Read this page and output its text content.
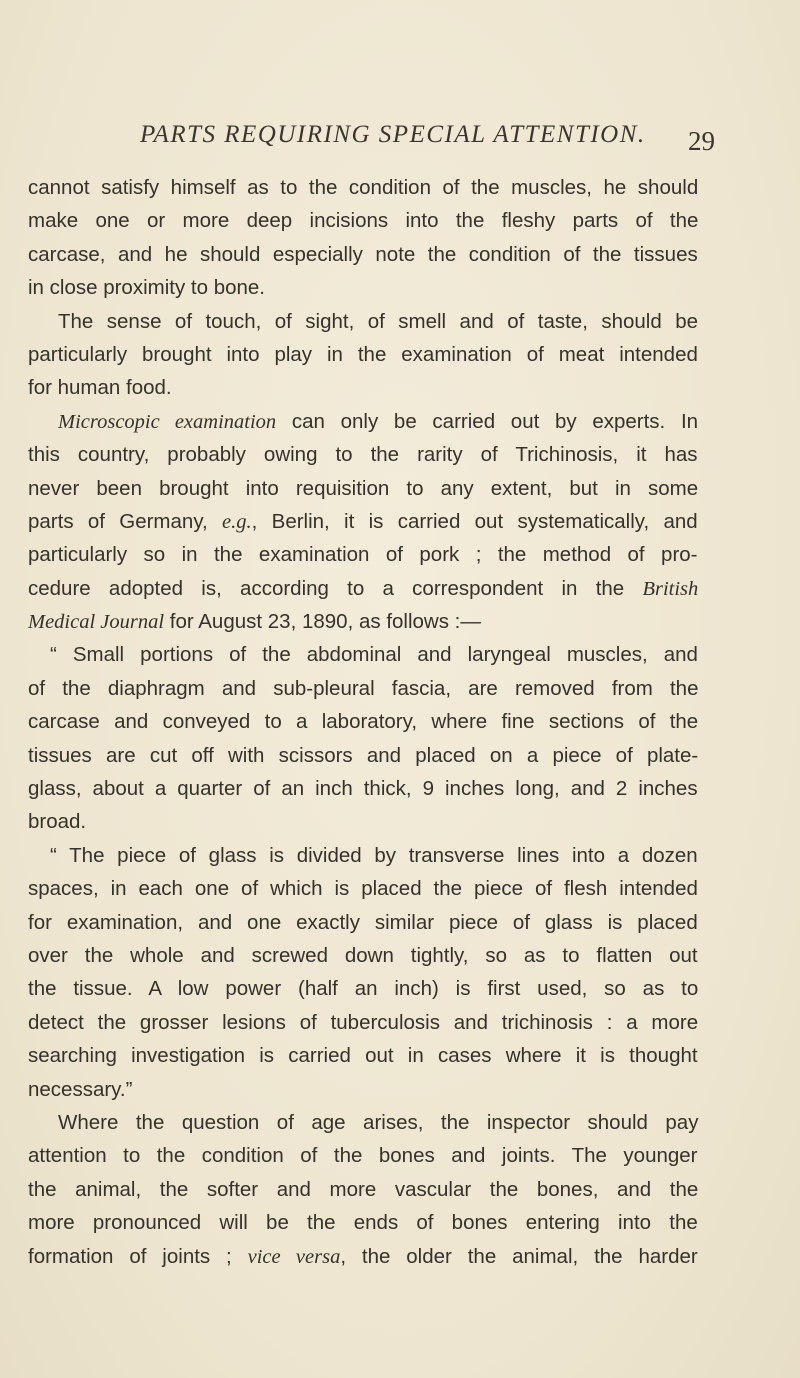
PARTS REQUIRING SPECIAL ATTENTION.	29
cannot satisfy himself as to the condition of the muscles, he should
make one or more deep incisions into the fleshy parts of the
carcase, and he should especially note the condition of the tissues
in close proximity to bone.
The sense of touch, of sight, of smell and of taste, should be
particularly brought into play in the examination of meat intended
for human food.
Microscopic examination can only be carried out by experts. In
this country, probably owing to the rarity of Trichinosis, it has
never been brought into requisition to any extent, but in some
parts of Germany, e.g., Berlin, it is carried out systematically, and
particularly so in the examination of pork ; the method of pro-
cedure adopted is, according to a correspondent in the British
Medical Journal for August 23, 1890, as follows :—
“ Small portions of the abdominal and laryngeal muscles, and
of the diaphragm and sub-pleural fascia, are removed from the
carcase and conveyed to a laboratory, where fine sections of the
tissues are cut off with scissors and placed on a piece of plate-
glass, about a quarter of an inch thick, 9 inches long, and 2 inches
broad.
“ The piece of glass is divided by transverse lines into a dozen
spaces, in each one of which is placed the piece of flesh intended
for examination, and one exactly similar piece of glass is placed
over the whole and screwed down tightly, so as to flatten out
the tissue. A low power (half an inch) is first used, so as to
detect the grosser lesions of tuberculosis and trichinosis : a more
searching investigation is carried out in cases where it is thought
necessary.”
Where the question of age arises, the inspector should pay
attention to the condition of the bones and joints. The younger
the animal, the softer and more vascular the bones, and the
more pronounced will be the ends of bones entering into the
formation of joints ; vice versa, the older the animal, the harder
